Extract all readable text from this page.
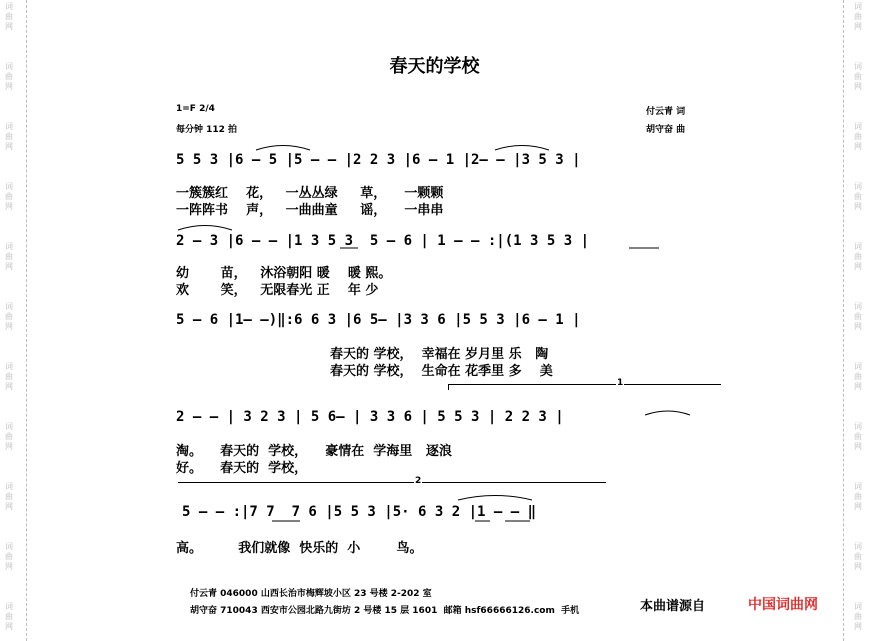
词
曲
网
词
曲
网
词
曲
网
词
曲
网
词
曲
网
词
曲
网
词
曲
网
词
曲
网
词
曲
网
词
曲
网
词
曲
网
词
曲
网
词
曲
网
词
曲
网
词
曲
网
词
曲
网
词
曲
网
词
曲
网
词
曲
网
词
曲
网
词
曲
网
词
曲
网
春天的学校
1=F 2/4
每分钟 112 拍
付云青 词
胡守奋 曲
1
2
5 5 3 |6 — 5 |5 — — |2 2 3 |6 — 1 |2— — |3 5 3 |
一簇簇红    花，   一丛丛绿     草，    一颗颗
一阵阵书    声，   一曲曲童     谣，    一串串
2 — 3 |6 — — |1 3 5 3  5 — 6 | 1 — — :|(1 3 5 3 |
幼       苗，   沐浴朝阳 暖    暖 熙。
欢       笑，   无限春光 正    年 少
5 — 6 |1— —)‖:6 6 3 |6 5— |3 3 6 |5 5 3 |6 — 1 |
春天的 学校，  幸福在 岁月里 乐   陶
春天的 学校，  生命在 花季里 多    美
2 — — | 3 2 3 | 5 6— | 3 3 6 | 5 5 3 | 2 2 3 |
淘。    春天的  学校，    豪情在  学海里   逐浪
好。    春天的  学校，
5 — — :|7 7  7 6 |5 5 3 |5· 6 3 2 |1 — — ‖
高。        我们就像  快乐的  小        鸟。
付云青 046000 山西长治市梅辉坡小区 23 号楼 2-202 室
胡守奋 710043 西安市公园北路九街坊 2 号楼 15 层 1601  邮箱 hsf66666126.com  手机	本曲谱源自	中国词曲网
